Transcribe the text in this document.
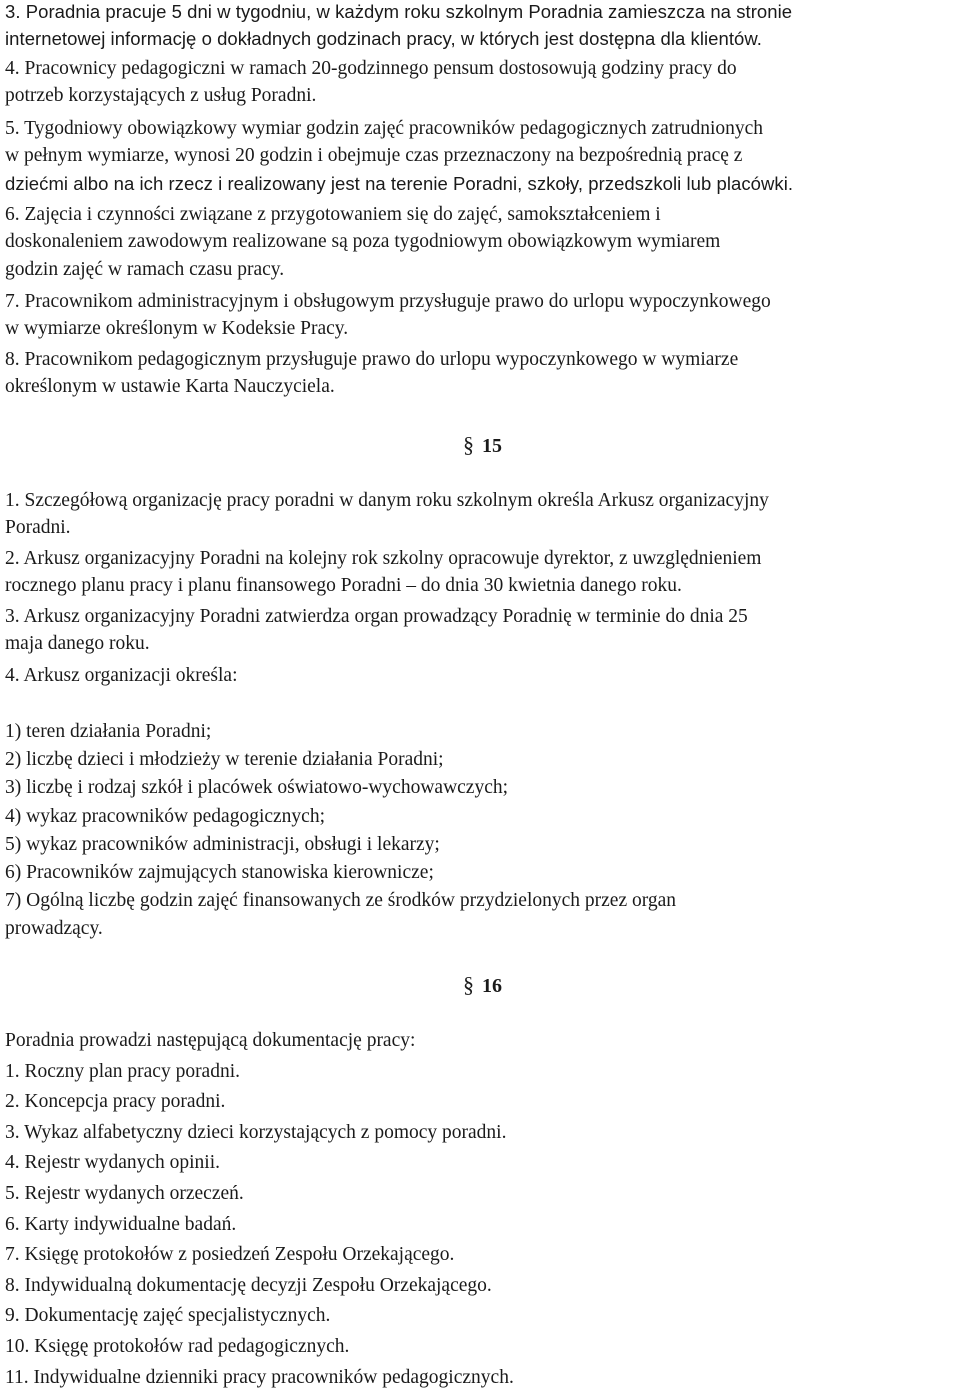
3. Poradnia pracuje 5 dni w tygodniu, w każdym roku szkolnym Poradnia zamieszcza na stronie
internetowej informację o dokładnych godzinach pracy, w których jest dostępna dla klientów.
4. Pracownicy pedagogiczni w ramach 20-godzinnego pensum dostosowują godziny pracy do
potrzeb korzystających z usług Poradni.
5. Tygodniowy obowiązkowy wymiar godzin zajęć pracowników pedagogicznych zatrudnionych
w pełnym wymiarze, wynosi 20 godzin i obejmuje czas przeznaczony na bezpośrednią pracę z
dziećmi albo na ich rzecz i realizowany jest na terenie Poradni, szkoły, przedszkoli lub placówki.
6. Zajęcia i czynności związane z przygotowaniem się do zajęć, samokształceniem i
doskonaleniem zawodowym realizowane są poza tygodniowym obowiązkowym wymiarem
godzin zajęć w ramach czasu pracy.
7. Pracownikom administracyjnym i obsługowym przysługuje prawo do urlopu wypoczynkowego
w wymiarze określonym w Kodeksie Pracy.
8. Pracownikom pedagogicznym przysługuje prawo do urlopu wypoczynkowego w wymiarze
określonym w ustawie Karta Nauczyciela.
§ 15
1. Szczegółową organizację pracy poradni w danym roku szkolnym określa Arkusz organizacyjny
Poradni.
2. Arkusz organizacyjny Poradni na kolejny rok szkolny opracowuje dyrektor, z uwzględnieniem
rocznego planu pracy i planu finansowego Poradni – do dnia 30 kwietnia danego roku.
3. Arkusz organizacyjny Poradni zatwierdza organ prowadzący Poradnię w terminie do dnia 25
maja danego roku.
4. Arkusz organizacji określa:
1) teren działania Poradni;
2) liczbę dzieci i młodzieży w terenie działania Poradni;
3) liczbę i rodzaj szkół i placówek oświatowo-wychowawczych;
4) wykaz pracowników pedagogicznych;
5) wykaz pracowników administracji, obsługi i lekarzy;
6) Pracowników zajmujących stanowiska kierownicze;
7) Ogólną liczbę godzin zajęć finansowanych ze środków przydzielonych przez organ
prowadzący.
§ 16
Poradnia prowadzi następującą dokumentację pracy:
1. Roczny plan pracy poradni.
2. Koncepcja pracy poradni.
3. Wykaz alfabetyczny dzieci korzystających z pomocy poradni.
4. Rejestr wydanych opinii.
5. Rejestr wydanych orzeczeń.
6. Karty indywidualne badań.
7. Księgę protokołów z posiedzeń Zespołu Orzekającego.
8. Indywidualną dokumentację decyzji Zespołu Orzekającego.
9. Dokumentację zajęć specjalistycznych.
10. Księgę protokołów rad pedagogicznych.
11. Indywidualne dzienniki pracy pracowników pedagogicznych.
